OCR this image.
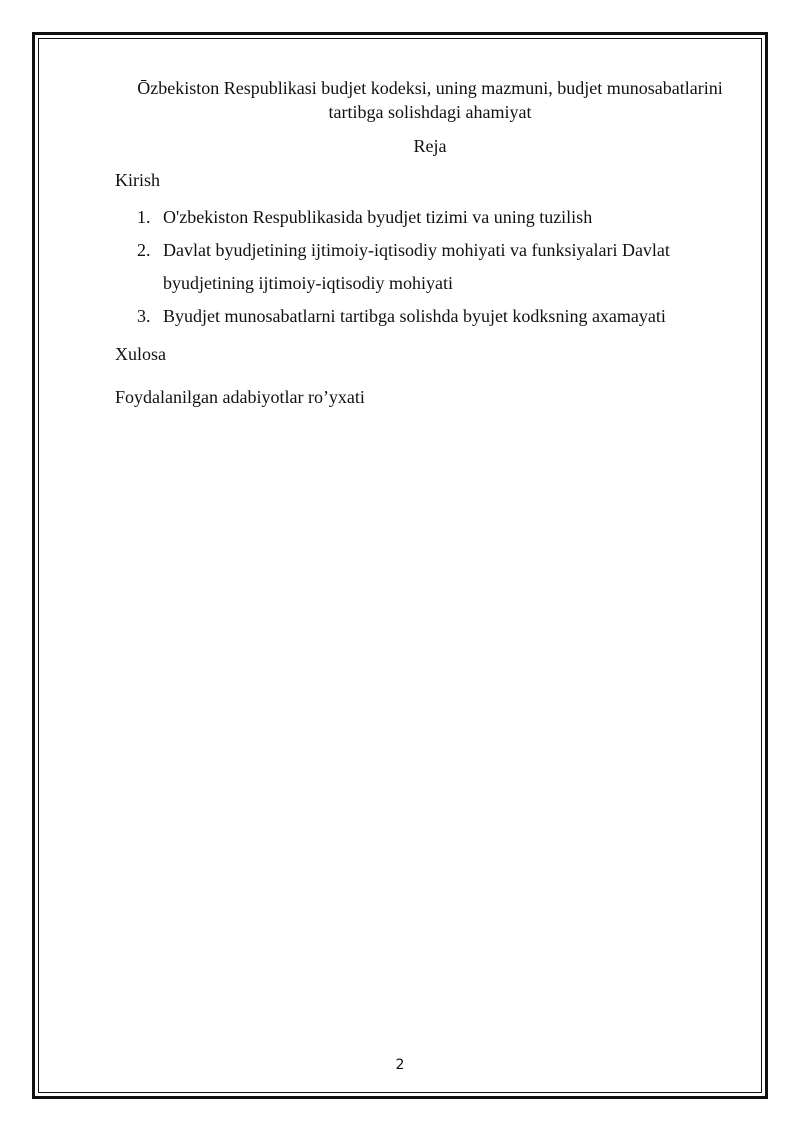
Ōzbekiston Respublikasi budjet kodeksi, uning mazmuni, budjet munosabatlarini tartibga solishdagi ahamiyat

Reja

Kirish

1. O'zbekiston Respublikasida byudjet tizimi va uning tuzilish
2. Davlat byudjetining ijtimoiy-iqtisodiy mohiyati va funksiyalari Davlat byudjetining ijtimoiy-iqtisodiy mohiyati
3. Byudjet munosabatlarni tartibga solishda byujet kodksning axamayati

Xulosa

Foydalanilgan adabiyotlar ro’yxati

2
